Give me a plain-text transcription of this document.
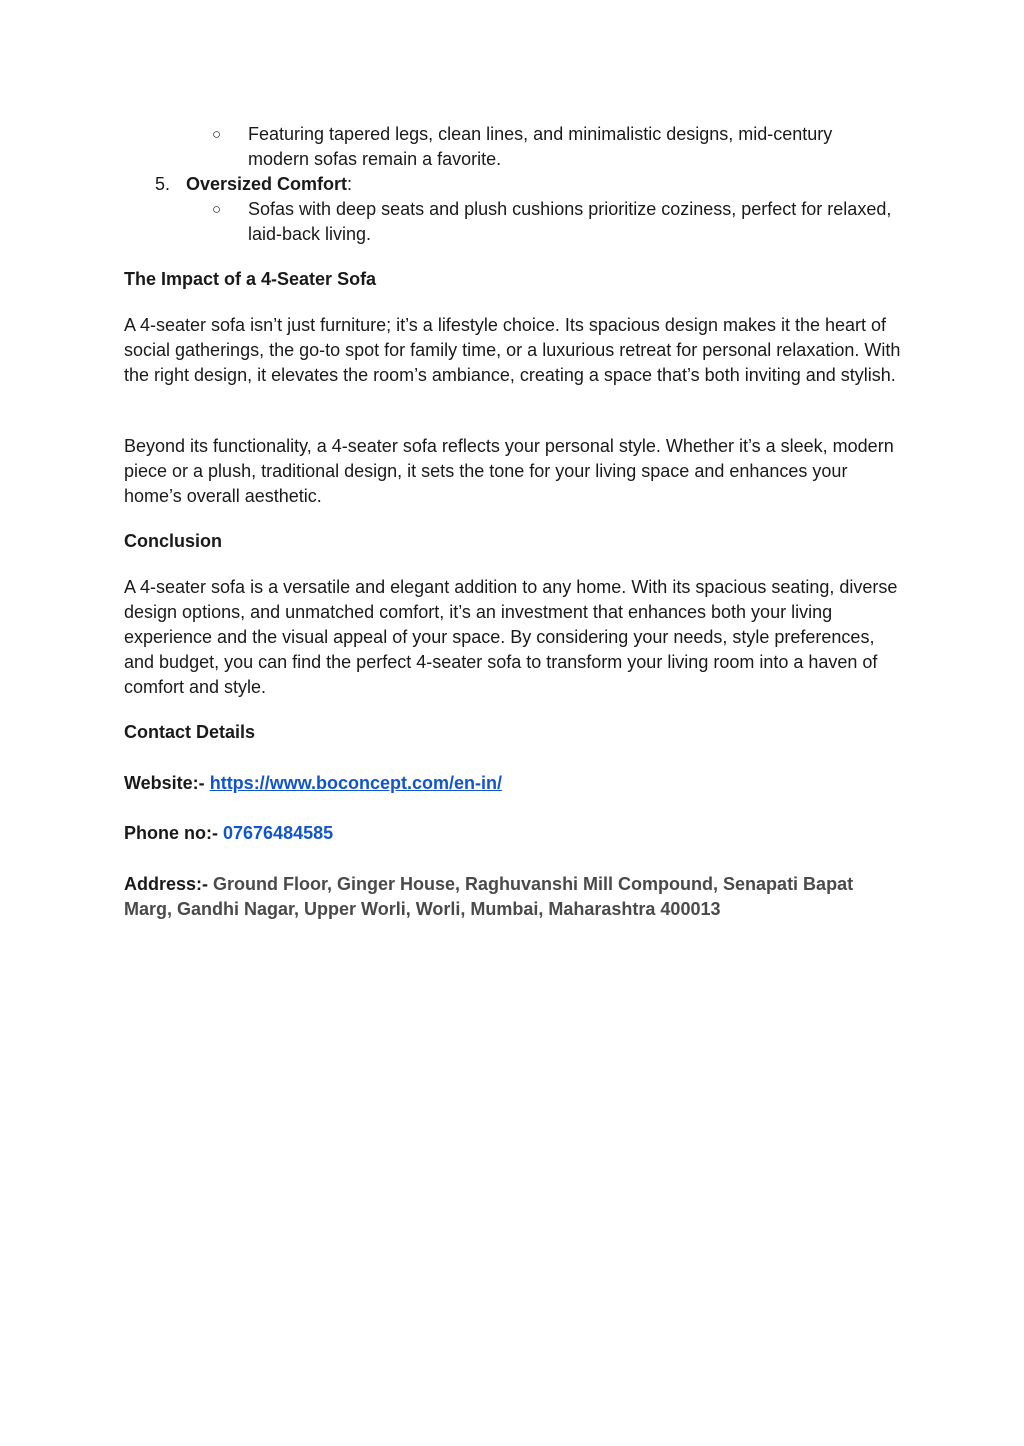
○ Featuring tapered legs, clean lines, and minimalistic designs, mid-century modern sofas remain a favorite.
5. Oversized Comfort:
○ Sofas with deep seats and plush cushions prioritize coziness, perfect for relaxed, laid-back living.
The Impact of a 4-Seater Sofa
A 4-seater sofa isn’t just furniture; it’s a lifestyle choice. Its spacious design makes it the heart of social gatherings, the go-to spot for family time, or a luxurious retreat for personal relaxation. With the right design, it elevates the room’s ambiance, creating a space that’s both inviting and stylish.
Beyond its functionality, a 4-seater sofa reflects your personal style. Whether it’s a sleek, modern piece or a plush, traditional design, it sets the tone for your living space and enhances your home’s overall aesthetic.
Conclusion
A 4-seater sofa is a versatile and elegant addition to any home. With its spacious seating, diverse design options, and unmatched comfort, it’s an investment that enhances both your living experience and the visual appeal of your space. By considering your needs, style preferences, and budget, you can find the perfect 4-seater sofa to transform your living room into a haven of comfort and style.
Contact Details
Website:- https://www.boconcept.com/en-in/
Phone no:- 07676484585
Address:- Ground Floor, Ginger House, Raghuvanshi Mill Compound, Senapati Bapat Marg, Gandhi Nagar, Upper Worli, Worli, Mumbai, Maharashtra 400013
